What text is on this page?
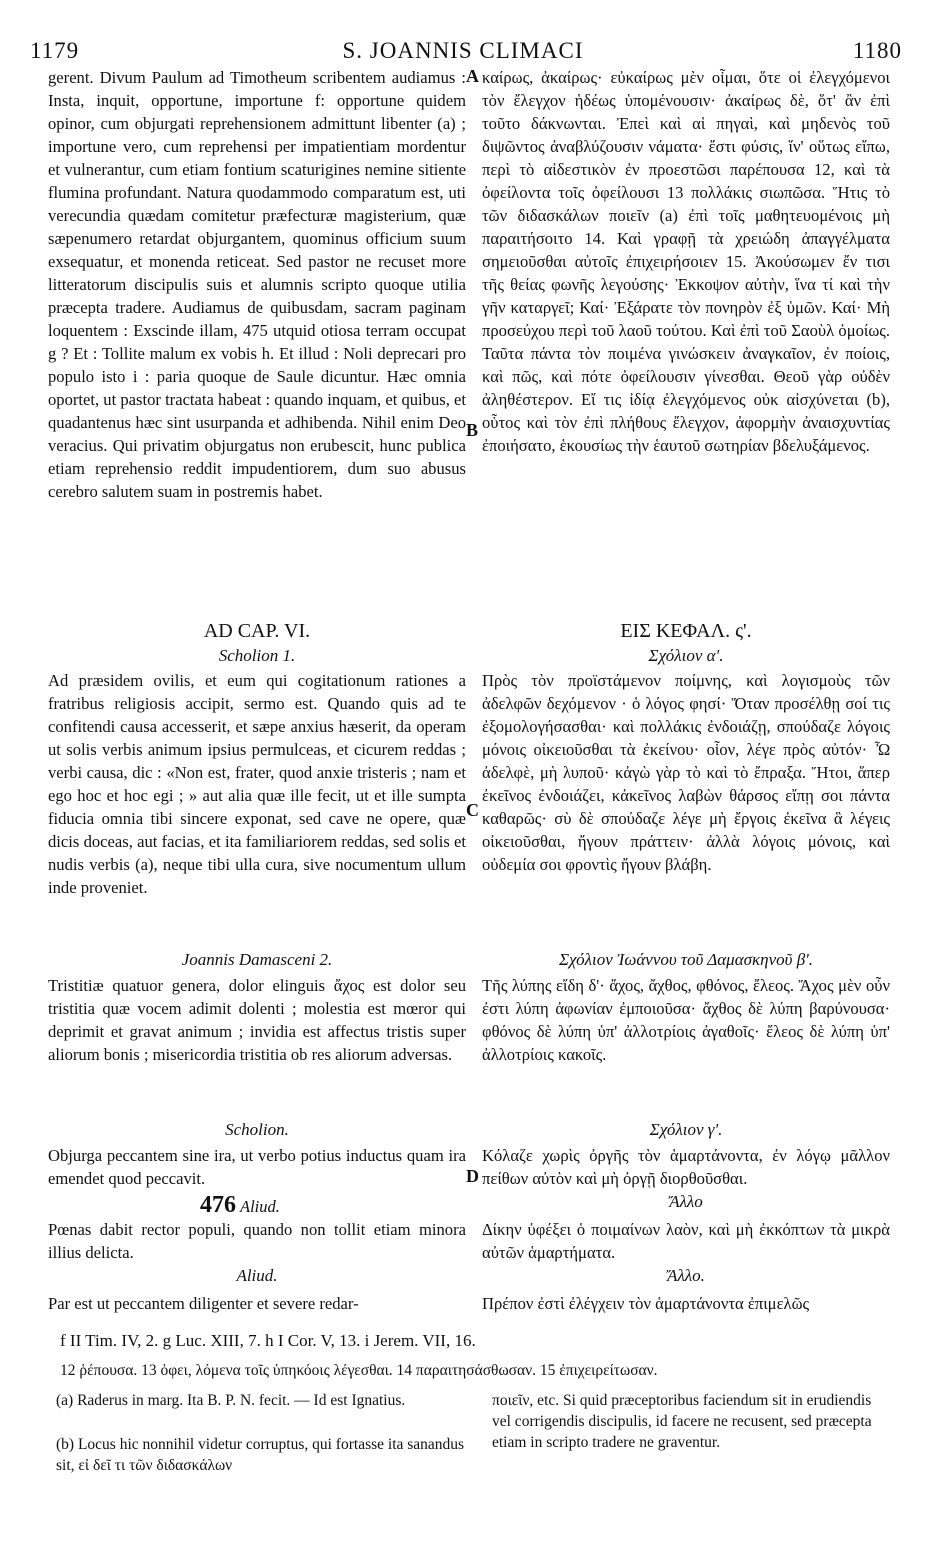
1179	S. JOANNIS CLIMACI	1180

gerent. Divum Paulum ad Timotheum scribentem audiamus : Insta, inquit, opportune, importune f: opportune quidem opinor, cum objurgati reprehensionem admittunt libenter (a) ; importune vero, cum reprehensi per impatientiam mordentur et vulnerantur, cum etiam fontium scaturigines nemine sitiente flumina profundant. Natura quodammodo comparatum est, uti verecundia quædam comitetur præfecturæ magisterium, quæ sæpenumero retardat objurgantem, quominus officium suum exsequatur, et monenda reticeat. Sed pastor ne recuset more litteratorum discipulis suis et alumnis scripto quoque utilia præcepta tradere. Audiamus de quibusdam, sacram paginam loquentem : Exscinde illam, 475 utquid otiosa terram occupat g ? Et : Tollite malum ex vobis h. Et illud : Noli deprecari pro populo isto i : paria quoque de Saule dicuntur. Hæc omnia oportet, ut pastor tractata habeat : quando inquam, et quibus, et quadantenus hæc sint usurpanda et adhibenda. Nihil enim Deo veracius. Qui privatim objurgatus non erubescit, hunc publica etiam reprehensio reddit impudentiorem, dum suo abusus cerebro salutem suam in postremis habet.

καίρως, ἀκαίρως· εὐκαίρως μὲν οἶμαι, ὅτε οἱ ἐλεγχόμενοι τὸν ἔλεγχον ἡδέως ὑπομένουσιν· ἀκαίρως δὲ, ὅτ' ἂν ἐπὶ τοῦτο δάκνωνται. Ἐπεὶ καὶ αἱ πηγαὶ, καὶ μηδενὸς τοῦ διψῶντος ἀναβλύζουσιν νάματα· ἔστι φύσις, ἵν' οὕτως εἴπω, περὶ τὸ αἰδεστικὸν ἐν προεστῶσι παρέπουσα 12, καὶ τὰ ὀφείλοντα τοῖς ὀφείλουσι 13 πολλάκις σιωπῶσα. Ἥτις τὸ τῶν διδασκάλων ποιεῖν (a) ἐπὶ τοῖς μαθητευομένοις μὴ παραιτήσοιτο 14. Καὶ γραφῇ τὰ χρειώδη ἀπαγγέλματα σημειοῦσθαι αὐτοῖς ἐπιχειρήσοιεν 15. Ἀκούσωμεν ἔν τισι τῆς θείας φωνῆς λεγούσης· Ἐκκοψον αὐτὴν, ἵνα τί καὶ τὴν γῆν καταργεῖ; Καί· Ἐξάρατε τὸν πονηρὸν ἐξ ὑμῶν. Καί· Μὴ προσεύχου περὶ τοῦ λαοῦ τούτου. Καὶ ἐπὶ τοῦ Σαοὺλ ὁμοίως. Ταῦτα πάντα τὸν ποιμένα γινώσκειν ἀναγκαῖον, ἐν ποίοις, καὶ πῶς, καὶ πότε ὀφείλουσιν γίνεσθαι. Θεοῦ γὰρ οὐδὲν ἀληθέστερον. Εἴ τις ἰδίᾳ ἐλεγχόμενος οὐκ αἰσχύνεται (b), οὗτος καὶ τὸν ἐπὶ πλήθους ἔλεγχον, ἀφορμὴν ἀναισχυντίας ἐποιήσατο, ἑκουσίως τὴν ἑαυτοῦ σωτηρίαν βδελυξάμενος.

A
B
C
D
AD CAP. VI.
Scholion 1.

Ad præsidem ovilis, et eum qui cogitationum rationes a fratribus religiosis accipit, sermo est. Quando quis ad te confitendi causa accesserit, et sæpe anxius hæserit, da operam ut solis verbis animum ipsius permulceas, et cicurem reddas ; verbi causa, dic : «Non est, frater, quod anxie tristeris ; nam et ego hoc et hoc egi ; » aut alia quæ ille fecit, ut et ille sumpta fiducia omnia tibi sincere exponat, sed cave ne opere, quæ dicis doceas, aut facias, et ita familiariorem reddas, sed solis et nudis verbis (a), neque tibi ulla cura, sive nocumentum ullum inde proveniet.

Joannis Damasceni 2.

Tristitiæ quatuor genera, dolor elinguis ἄχος est dolor seu tristitia quæ vocem adimit dolenti ; molestia est mœror qui deprimit et gravat animum ; invidia est affectus tristis super aliorum bonis ; misericordia tristitia ob res aliorum adversas.

Scholion.

Objurga peccantem sine ira, ut verbo potius inductus quam ira emendet quod peccavit.

476 Aliud.

Pœnas dabit rector populi, quando non tollit etiam minora illius delicta.

Aliud.

Par est ut peccantem diligenter et severe redar-

ΕΙΣ ΚΕΦΑΛ. ς'.
Σχόλιον α'.

Πρὸς τὸν προϊστάμενον ποίμνης, καὶ λογισμοὺς τῶν ἀδελφῶν δεχόμενον · ὁ λόγος φησί· Ὅταν προσέλθῃ σοί τις ἐξομολογήσασθαι· καὶ πολλάκις ἐνδοιάζῃ, σπούδαζε λόγοις μόνοις οἰκειοῦσθαι τὰ ἐκείνου· οἷον, λέγε πρὸς αὐτόν· Ὦ ἀδελφὲ, μὴ λυποῦ· κἀγὼ γὰρ τὸ καὶ τὸ ἔπραξα. Ἤτοι, ἅπερ ἐκεῖνος ἐνδοιάζει, κἀκεῖνος λαβὼν θάρσος εἴπῃ σοι πάντα καθαρῶς· σὺ δὲ σπούδαζε λέγε μὴ ἔργοις ἐκεῖνα ἃ λέγεις οἰκειοῦσθαι, ἤγουν πράττειν· ἀλλὰ λόγοις μόνοις, καὶ οὐδεμία σοι φροντὶς ἤγουν βλάβη.

Σχόλιον Ἰωάννου τοῦ Δαμασκηνοῦ β'.

Τῆς λύπης εἴδη δ'· ἄχος, ἄχθος, φθόνος, ἔλεος. Ἄχος μὲν οὖν ἐστι λύπη ἀφωνίαν ἐμποιοῦσα· ἄχθος δὲ λύπη βαρύνουσα· φθόνος δὲ λύπη ὑπ' ἀλλοτρίοις ἀγαθοῖς· ἔλεος δὲ λύπη ὑπ' ἀλλοτρίοις κακοῖς.

Σχόλιον γ'.

Κόλαζε χωρὶς ὀργῆς τὸν ἁμαρτάνοντα, ἐν λόγῳ μᾶλλον πείθων αὐτὸν καὶ μὴ ὀργῇ διορθοῦσθαι.

Ἄλλο

Δίκην ὑφέξει ὁ ποιμαίνων λαὸν, καὶ μὴ ἐκκόπτων τὰ μικρὰ αὐτῶν ἁμαρτήματα.

Ἄλλο.

Πρέπον ἐστὶ ἐλέγχειν τὸν ἁμαρτάνοντα ἐπιμελῶς

f II Tim. IV, 2. g Luc. XIII, 7. h I Cor. V, 13. i Jerem. VII, 16.
12 ῥέπουσα. 13 ὀφει, λόμενα τοῖς ὑπηκόοις λέγεσθαι. 14 παραιτησάσθωσαν. 15 ἐπιχειρείτωσαν.
(a) Raderus in marg. Ita B. P. N. fecit. — Id est Ignatius.
(b) Locus hic nonnihil videtur corruptus, qui fortasse ita sanandus sit, εἰ δεῖ τι τῶν διδασκάλων
ποιεῖν, etc. Si quid præceptoribus faciendum sit in erudiendis vel corrigendis discipulis, id facere ne recusent, sed præcepta etiam in scripto tradere ne graventur.
